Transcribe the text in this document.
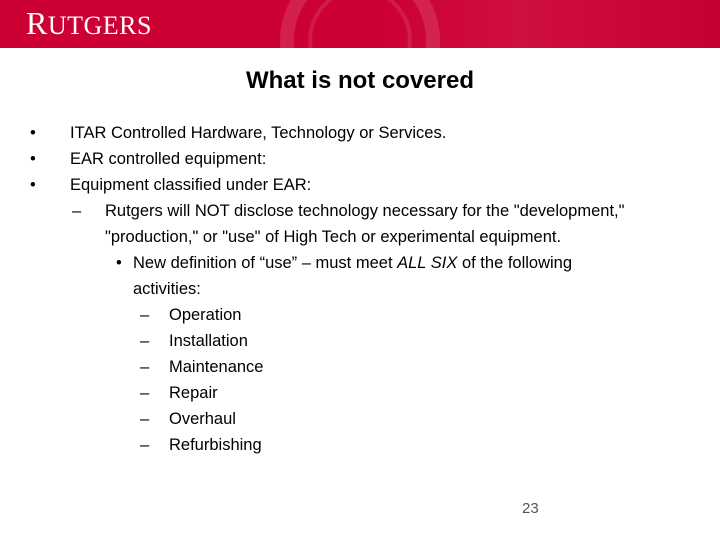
RUTGERS
What is not covered
• ITAR Controlled Hardware, Technology or Services.
• EAR controlled equipment:
• Equipment classified under EAR:
– Rutgers will NOT disclose technology necessary for the "development,"
"production," or "use" of High Tech or experimental equipment.
• New definition of “use” – must meet ALL SIX of the following
activities:
– Operation
– Installation
– Maintenance
– Repair
– Overhaul
– Refurbishing
23
